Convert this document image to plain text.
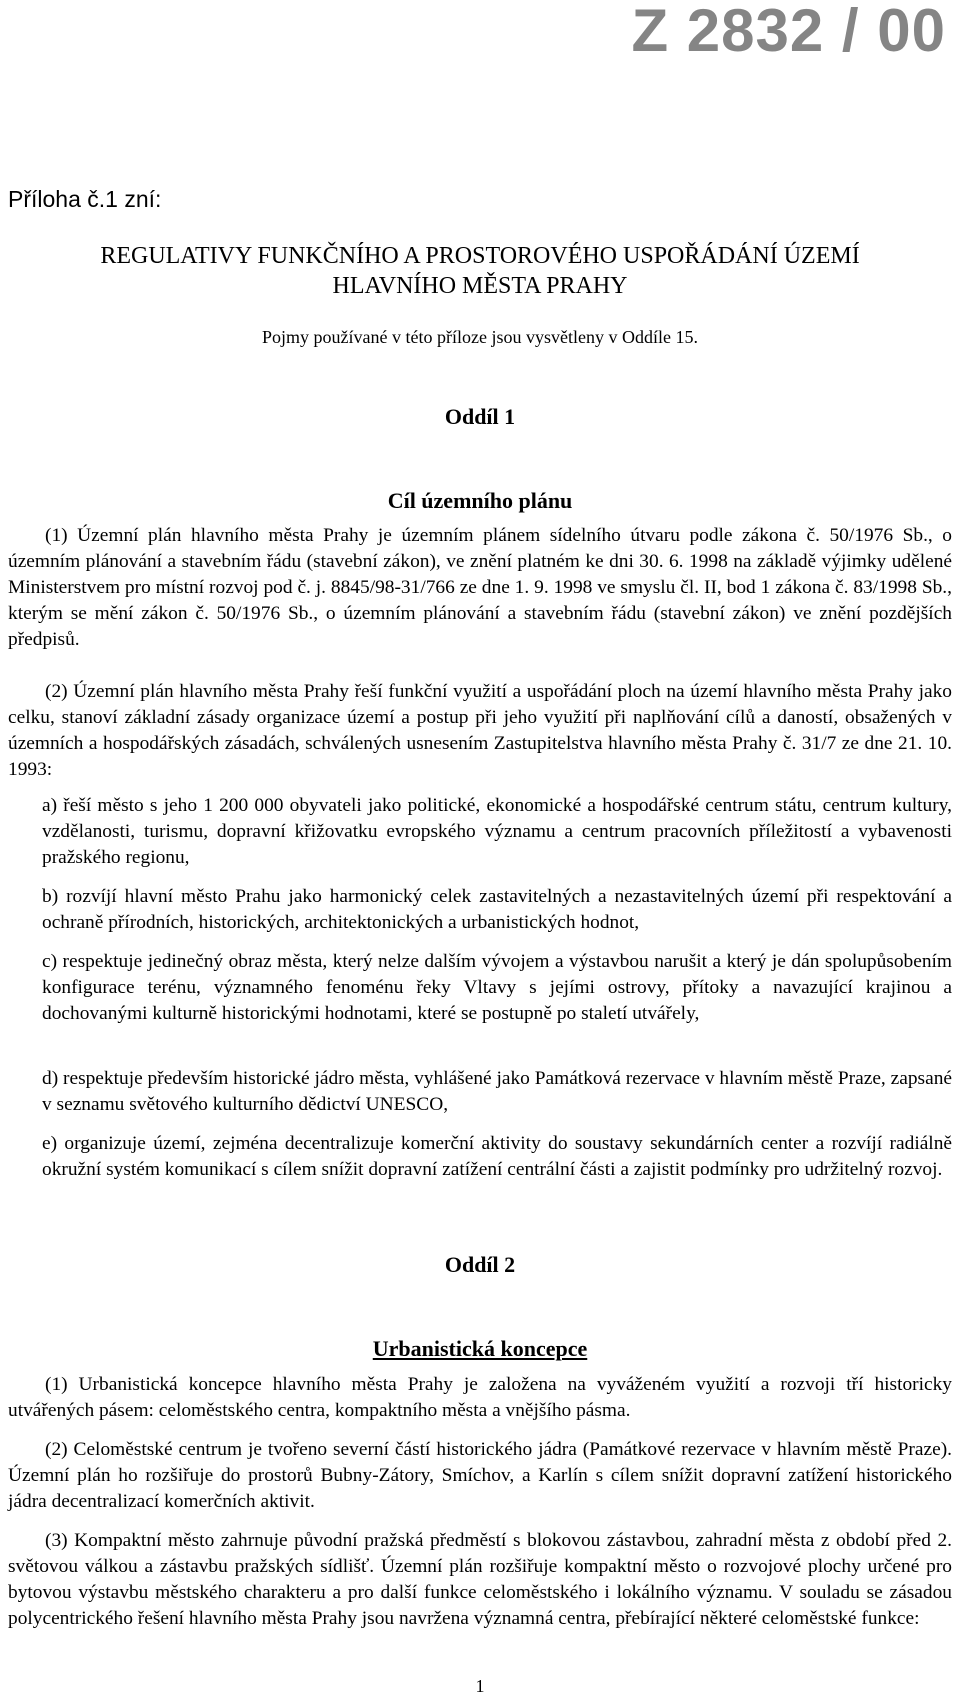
Z 2832 / 00
Příloha č.1 zní:
REGULATIVY FUNKČNÍHO A PROSTOROVÉHO USPOŘÁDÁNÍ ÚZEMÍ
HLAVNÍHO MĚSTA PRAHY
Pojmy používané v této příloze jsou vysvětleny v Oddíle 15.
Oddíl 1
Cíl územního plánu
(1) Územní plán hlavního města Prahy je územním plánem sídelního útvaru podle zákona č. 50/1976 Sb., o územním plánování a stavebním řádu (stavební zákon), ve znění platném ke dni 30. 6. 1998 na základě výjimky udělené Ministerstvem pro místní rozvoj pod č. j. 8845/98-31/766 ze dne 1. 9. 1998 ve smyslu čl. II, bod 1 zákona č. 83/1998 Sb., kterým se mění zákon č. 50/1976 Sb., o územním plánování a stavebním řádu (stavební zákon) ve znění pozdějších předpisů.
(2) Územní plán hlavního města Prahy řeší funkční využití a uspořádání ploch na území hlavního města Prahy jako celku, stanoví základní zásady organizace území a postup při jeho využití při naplňování cílů a daností, obsažených v územních a hospodářských zásadách, schválených usnesením Zastupitelstva hlavního města Prahy č. 31/7 ze dne 21. 10. 1993:
a) řeší město s jeho 1 200 000 obyvateli jako politické, ekonomické a hospodářské centrum státu, centrum kultury, vzdělanosti, turismu, dopravní křižovatku evropského významu a centrum pracovních příležitostí a vybavenosti pražského regionu,
b) rozvíjí hlavní město Prahu jako harmonický celek zastavitelných a nezastavitelných území při respektování a ochraně přírodních, historických, architektonických a urbanistických hodnot,
c) respektuje jedinečný obraz města, který nelze dalším vývojem a výstavbou narušit a který je dán spolupůsobením konfigurace terénu, významného fenoménu řeky Vltavy s jejími ostrovy, přítoky a navazující krajinou a dochovanými kulturně historickými hodnotami, které se postupně po staletí utvářely,
d) respektuje především historické jádro města, vyhlášené jako Památková rezervace v hlavním městě Praze, zapsané v seznamu světového kulturního dědictví UNESCO,
e) organizuje území, zejména decentralizuje komerční aktivity do soustavy sekundárních center a rozvíjí radiálně okružní systém komunikací s cílem snížit dopravní zatížení centrální části a zajistit podmínky pro udržitelný rozvoj.
Oddíl 2
Urbanistická koncepce
(1) Urbanistická koncepce hlavního města Prahy je založena na vyváženém využití a rozvoji tří historicky utvářených pásem: celoměstského centra, kompaktního města a vnějšího pásma.
(2) Celoměstské centrum je tvořeno severní částí historického jádra (Památkové rezervace v hlavním městě Praze). Územní plán ho rozšiřuje do prostorů Bubny-Zátory, Smíchov, a Karlín s cílem snížit dopravní zatížení historického jádra decentralizací komerčních aktivit.
(3) Kompaktní město zahrnuje původní pražská předměstí s blokovou zástavbou, zahradní města z období před 2. světovou válkou a zástavbu pražských sídlišť. Územní plán rozšiřuje kompaktní město o rozvojové plochy určené pro bytovou výstavbu městského charakteru a pro další funkce celoměstského i lokálního významu. V souladu se zásadou polycentrického řešení hlavního města Prahy jsou navržena významná centra, přebírající některé celoměstské funkce:
1
